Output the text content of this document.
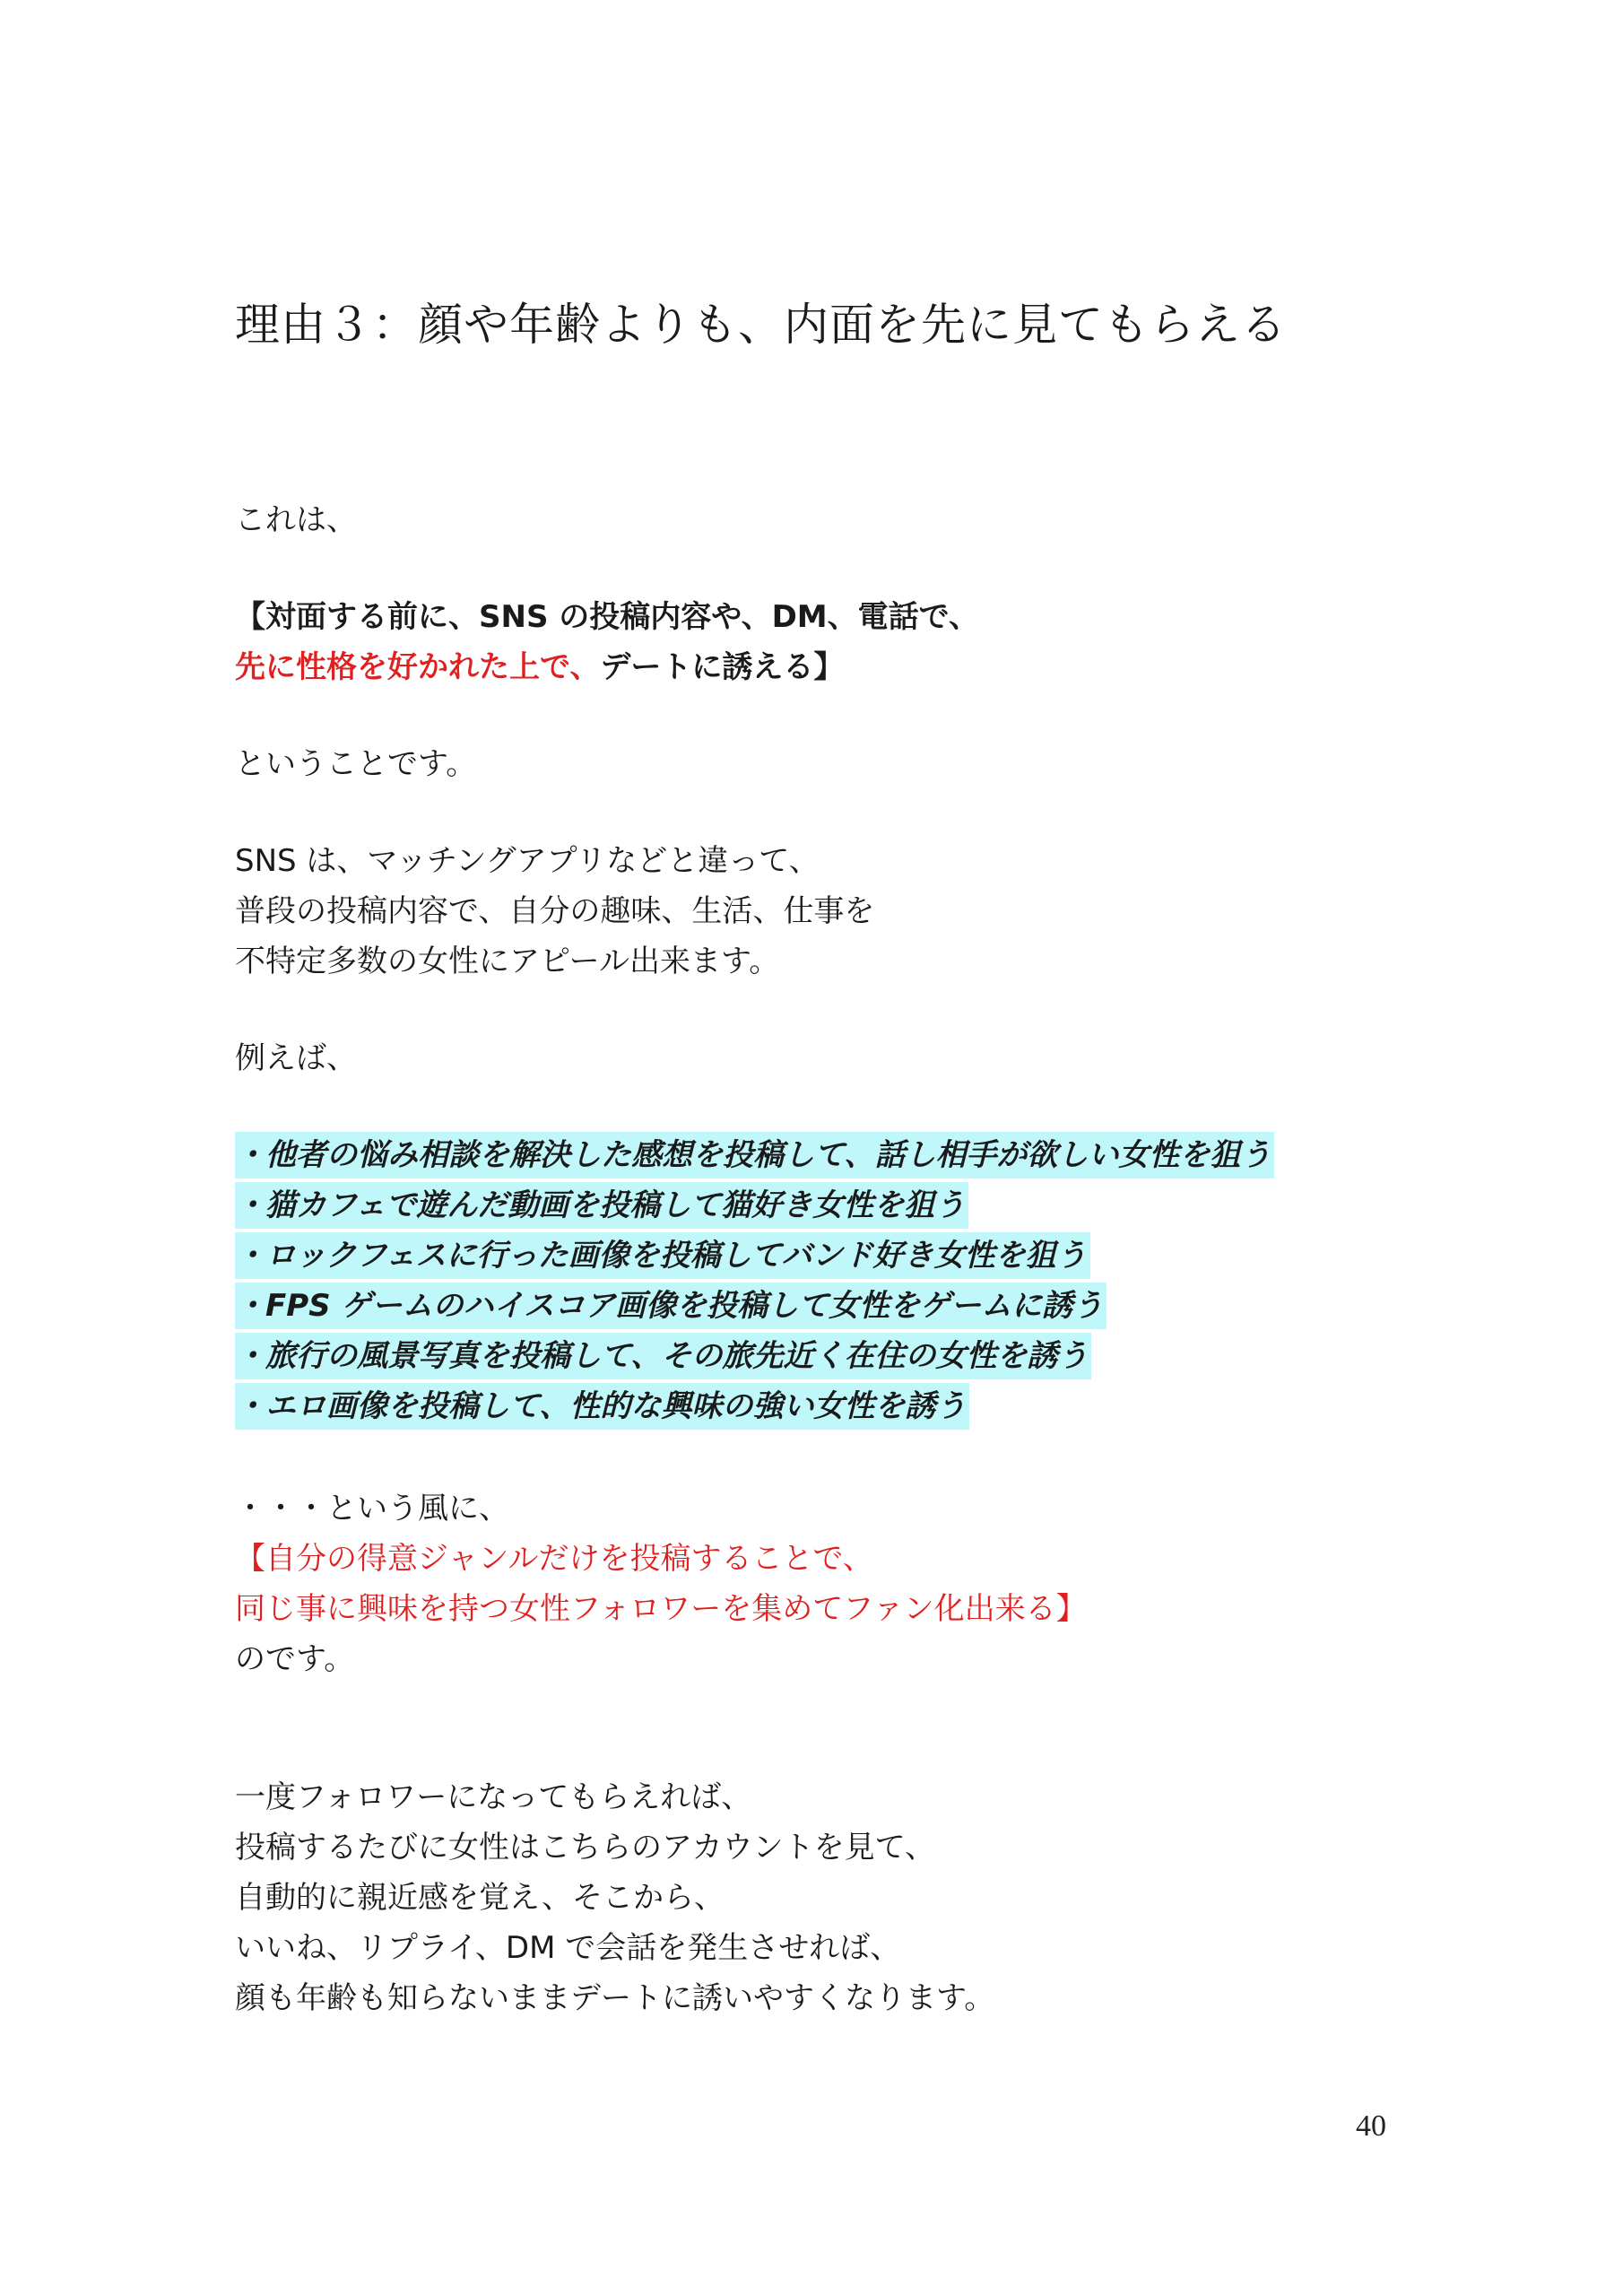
理由３：顔や年齢よりも、内面を先に見てもらえる
これは、
【対面する前に、SNS の投稿内容や、DM、電話で、
先に性格を好かれた上で、デートに誘える】
ということです。
SNS は、マッチングアプリなどと違って、
普段の投稿内容で、自分の趣味、生活、仕事を
不特定多数の女性にアピール出来ます。
例えば、
・他者の悩み相談を解決した感想を投稿して、話し相手が欲しい女性を狙う
・猫カフェで遊んだ動画を投稿して猫好き女性を狙う
・ロックフェスに行った画像を投稿してバンド好き女性を狙う
・FPS ゲームのハイスコア画像を投稿して女性をゲームに誘う
・旅行の風景写真を投稿して、その旅先近く在住の女性を誘う
・エロ画像を投稿して、性的な興味の強い女性を誘う
・・・という風に、
【自分の得意ジャンルだけを投稿することで、
同じ事に興味を持つ女性フォロワーを集めてファン化出来る】
のです。
一度フォロワーになってもらえれば、
投稿するたびに女性はこちらのアカウントを見て、
自動的に親近感を覚え、そこから、
いいね、リプライ、DM で会話を発生させれば、
顔も年齢も知らないままデートに誘いやすくなります。
40
